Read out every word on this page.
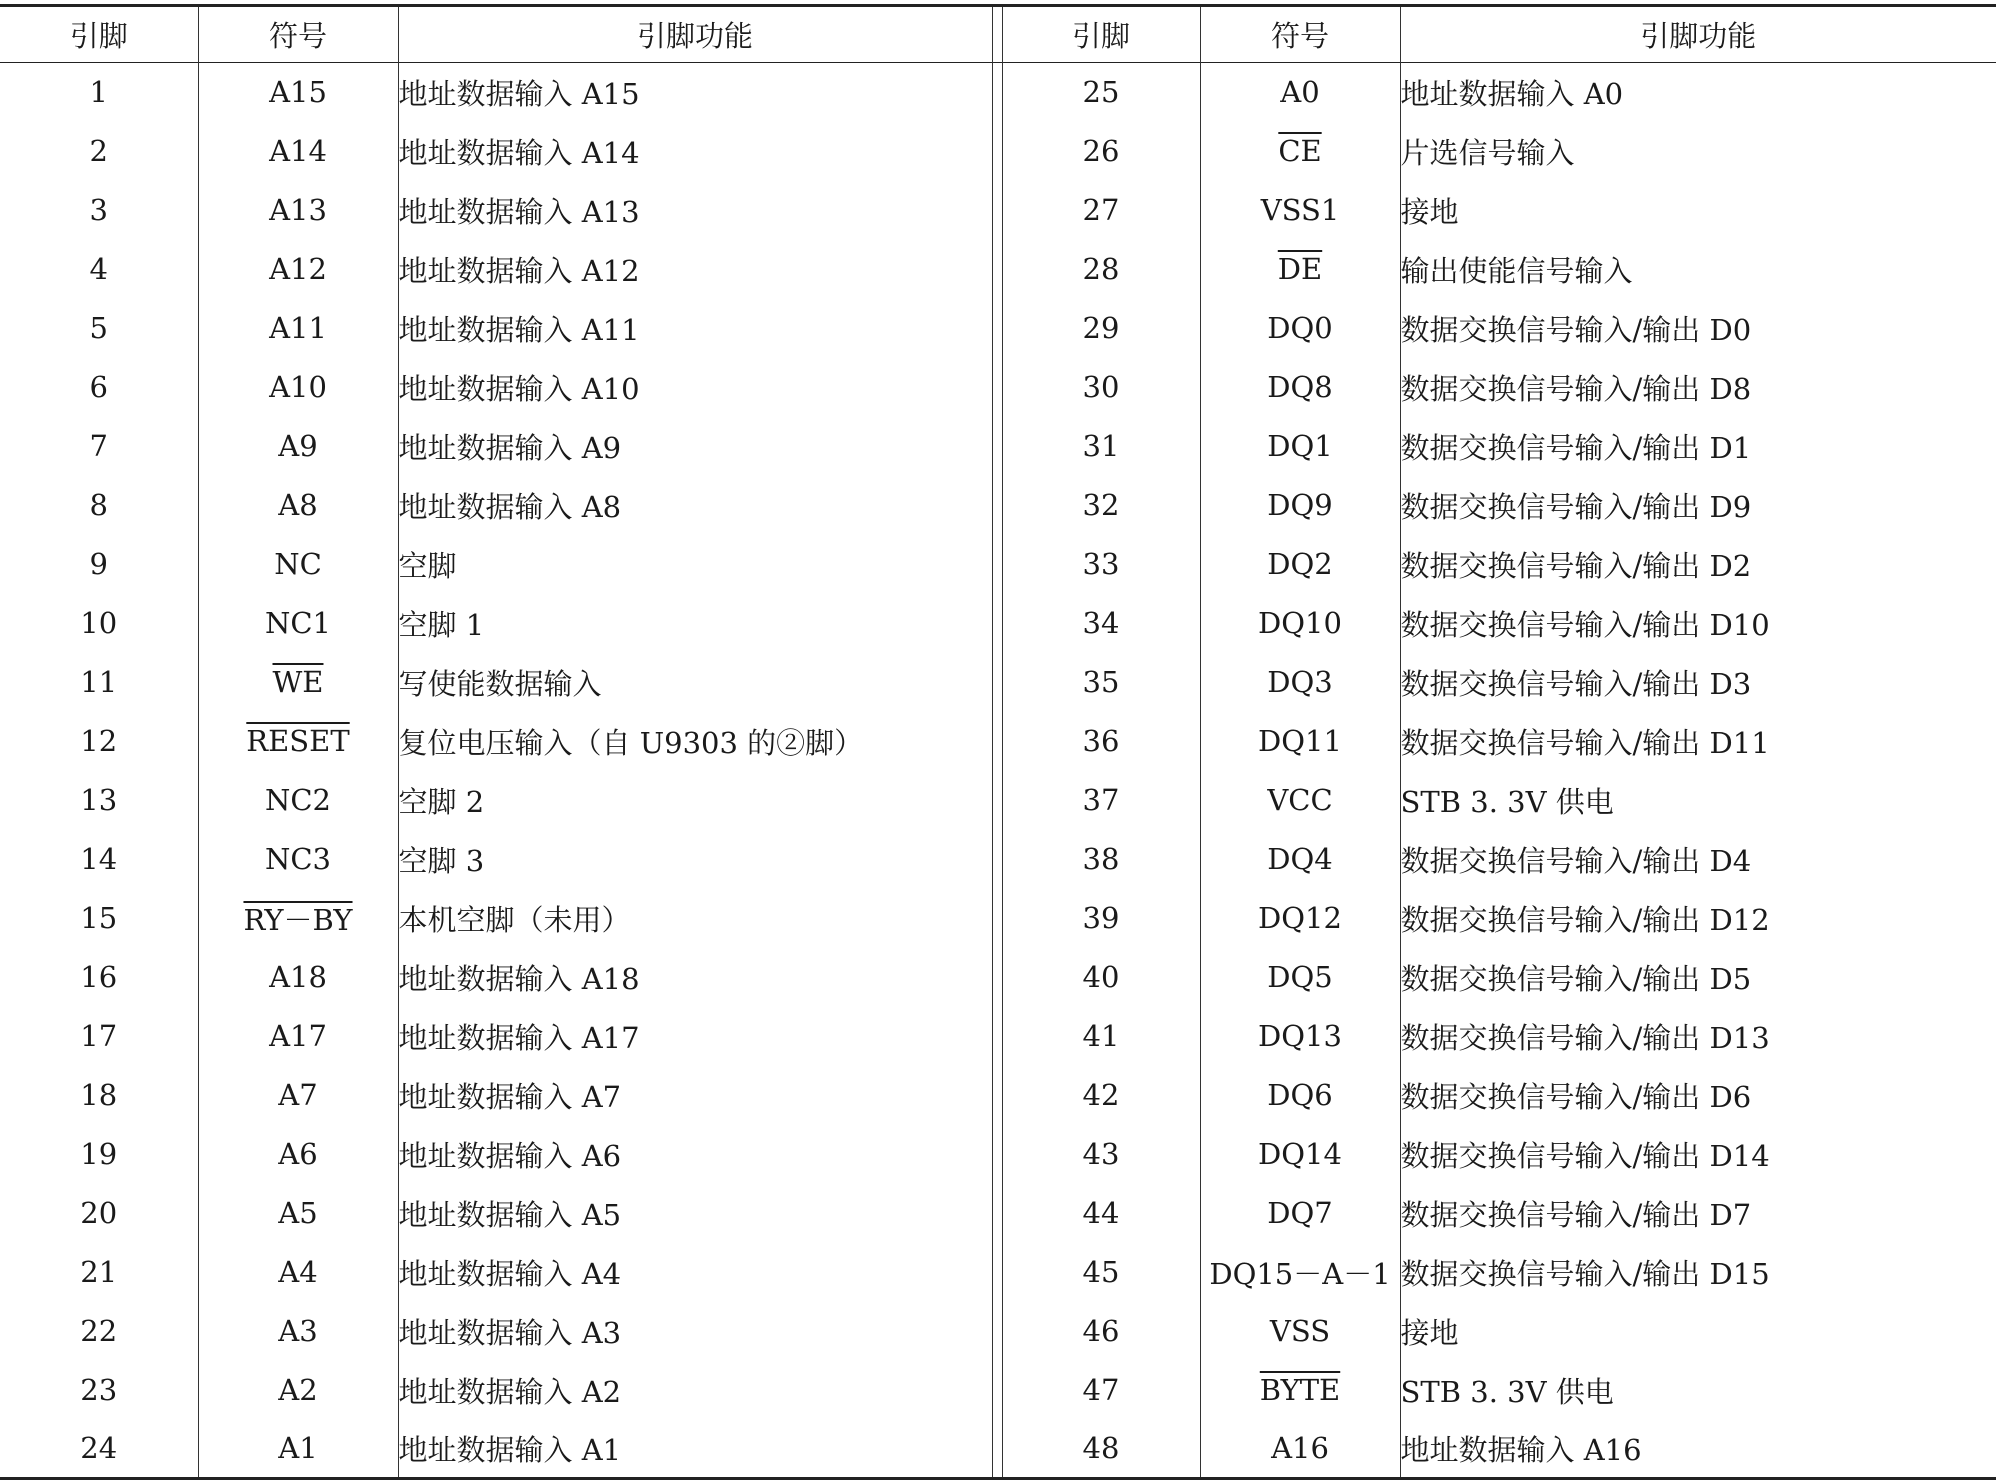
引脚	符号	引脚功能		引脚	符号	引脚功能
1	A15	地址数据输入 A15		25	A0	地址数据输入 A0
2	A14	地址数据输入 A14		26	$\overline{CE}$	片选信号输入
3	A13	地址数据输入 A13		27	VSS1	接地
4	A12	地址数据输入 A12		28	$\overline{DE}$	输出使能信号输入
5	A11	地址数据输入 A11		29	DQ0	数据交换信号输入/输出 D0
6	A10	地址数据输入 A10		30	DQ8	数据交换信号输入/输出 D8
7	A9	地址数据输入 A9		31	DQ1	数据交换信号输入/输出 D1
8	A8	地址数据输入 A8		32	DQ9	数据交换信号输入/输出 D9
9	NC	空脚		33	DQ2	数据交换信号输入/输出 D2
10	NC1	空脚 1		34	DQ10	数据交换信号输入/输出 D10
11	$\overline{WE}$	写使能数据输入		35	DQ3	数据交换信号输入/输出 D3
12	RESET	复位电压输入（自 U9303 的②脚）		36	DQ11	数据交换信号输入/输出 D11
13	NC2	空脚 2		37	VCC	STB 3. 3V 供电
14	NC3	空脚 3		38	DQ4	数据交换信号输入/输出 D4
15	RY－BY	本机空脚（未用）		39	DQ12	数据交换信号输入/输出 D12
16	A18	地址数据输入 A18		40	DQ5	数据交换信号输入/输出 D5
17	A17	地址数据输入 A17		41	DQ13	数据交换信号输入/输出 D13
18	A7	地址数据输入 A7		42	DQ6	数据交换信号输入/输出 D6
19	A6	地址数据输入 A6		43	DQ14	数据交换信号输入/输出 D14
20	A5	地址数据输入 A5		44	DQ7	数据交换信号输入/输出 D7
21	A4	地址数据输入 A4		45	DQ15－A－1	数据交换信号输入/输出 D15
22	A3	地址数据输入 A3		46	VSS	接地
23	A2	地址数据输入 A2		47	BYTE	STB 3. 3V 供电
24	A1	地址数据输入 A1		48	A16	地址数据输入 A16
